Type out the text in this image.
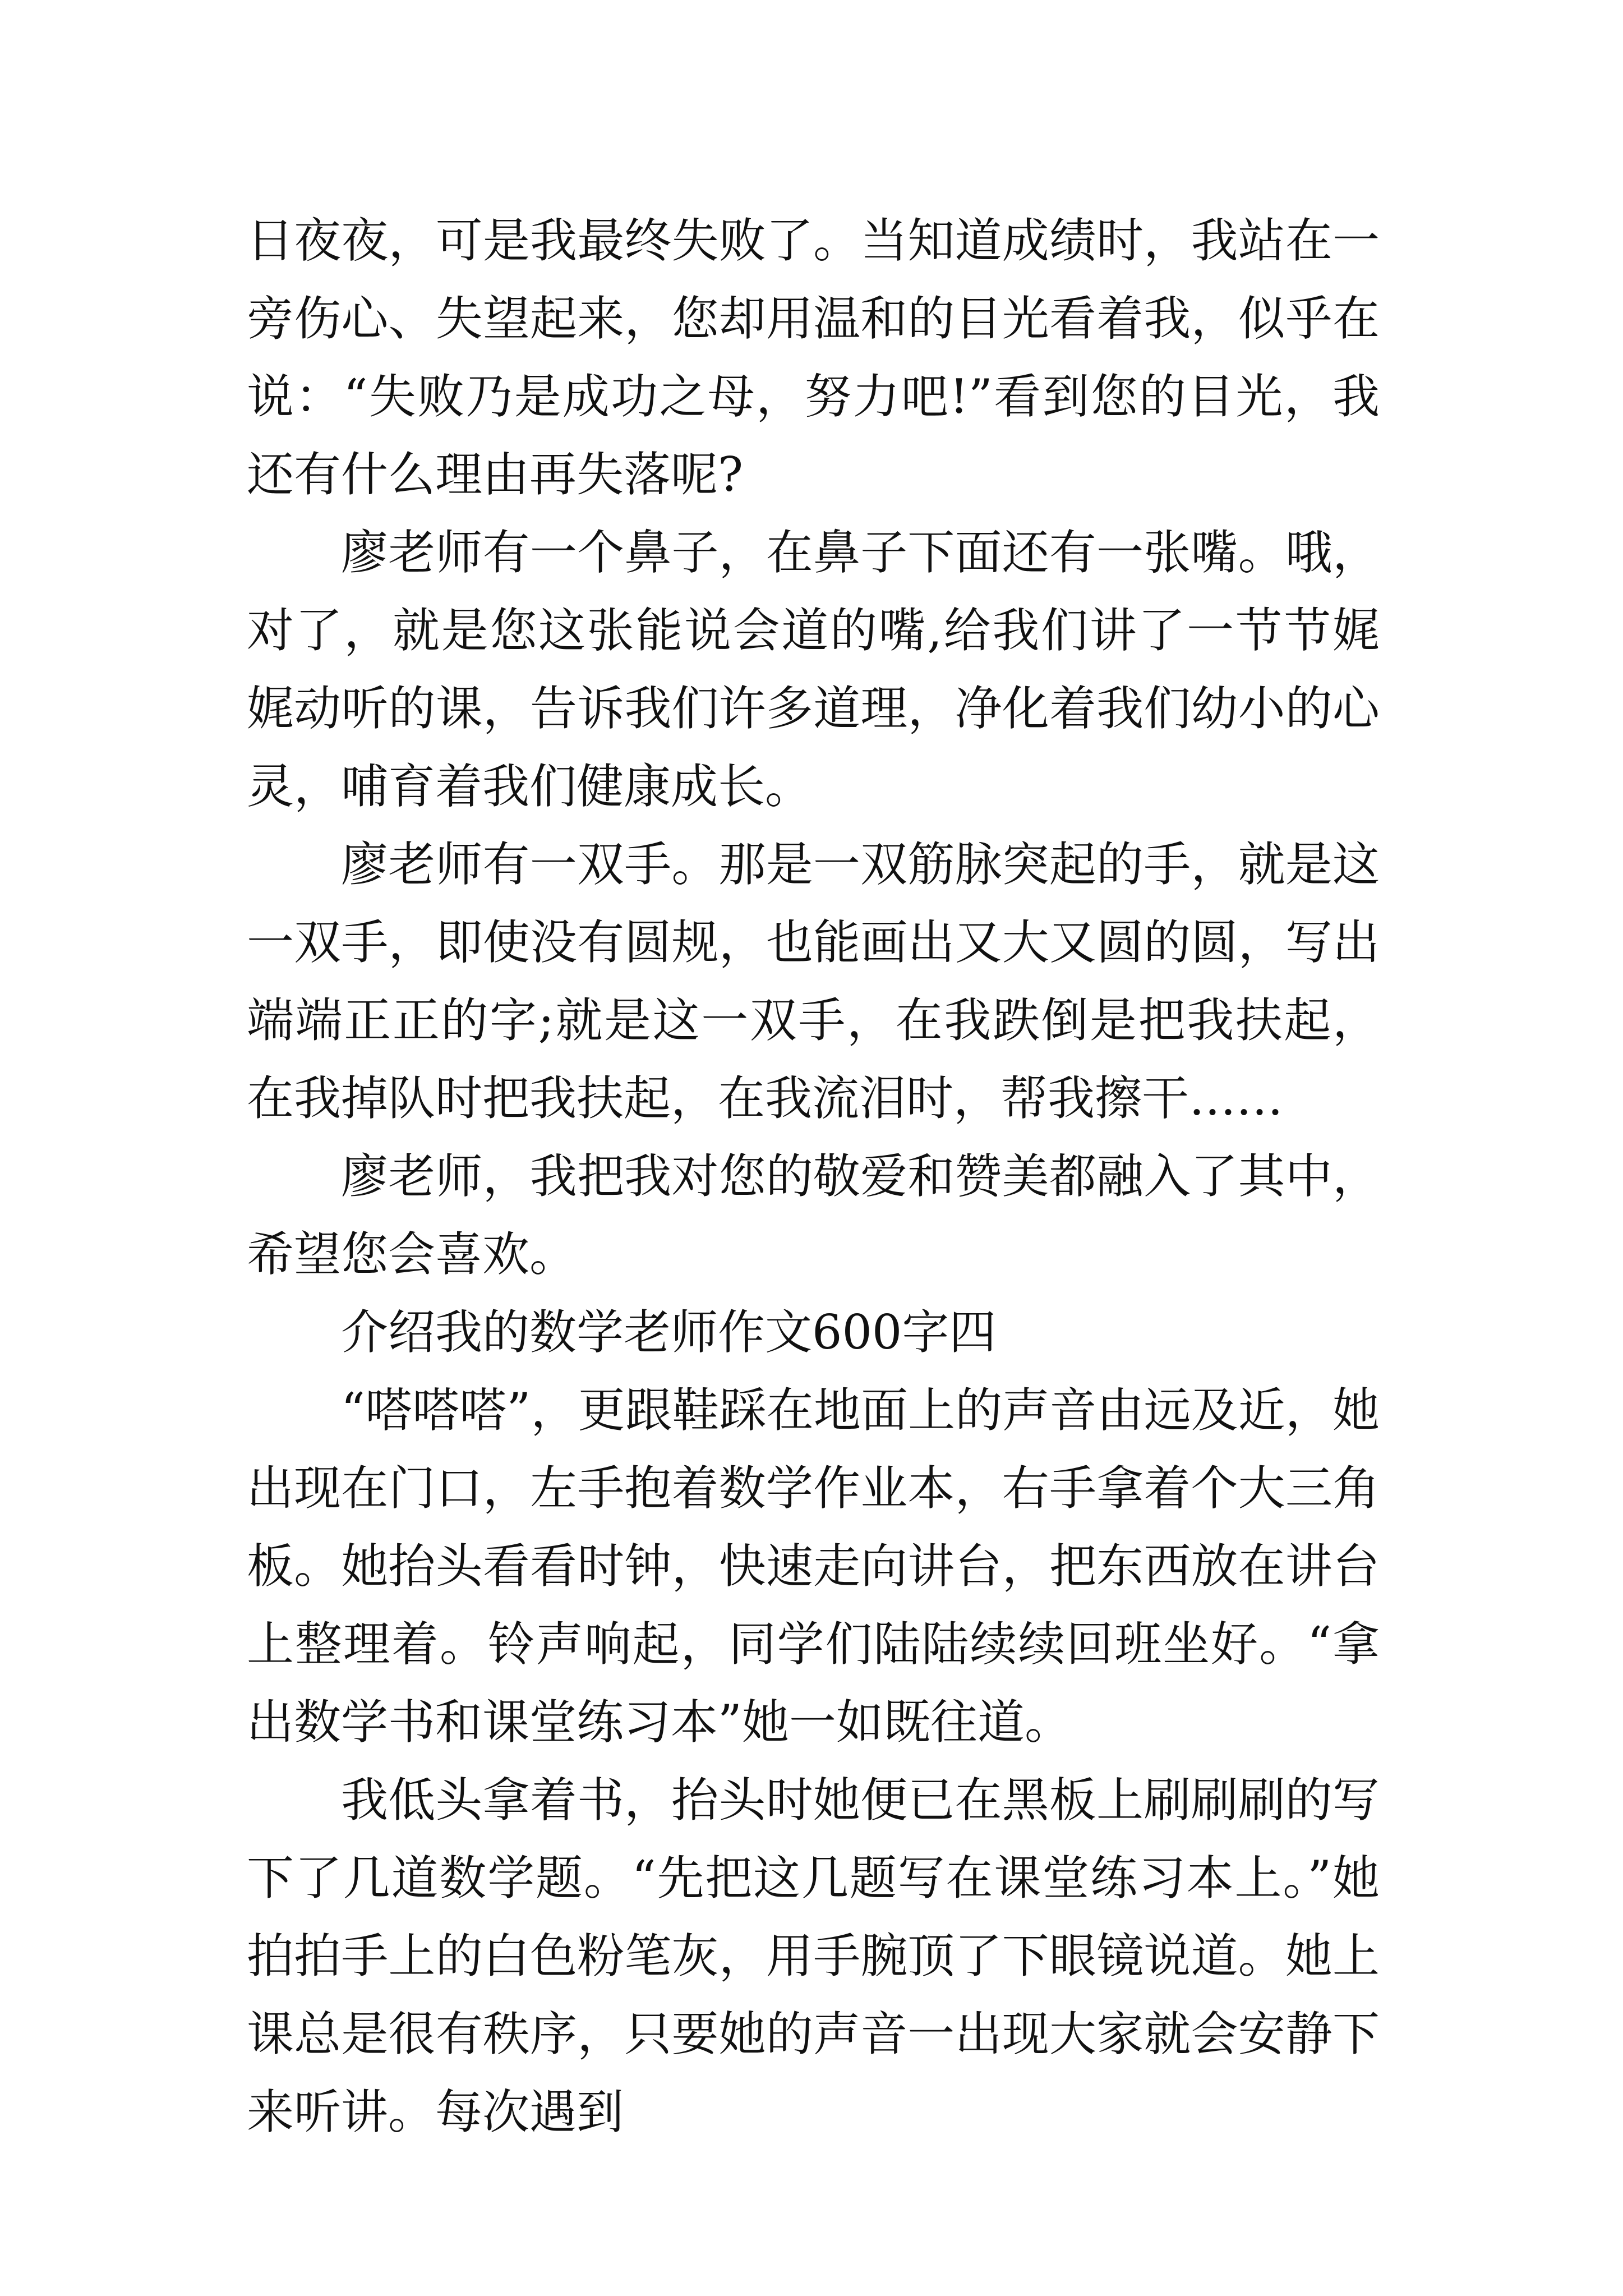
日夜夜，可是我最终失败了。当知道成绩时，我站在一旁伤心、失望起来，您却用温和的目光看着我，似乎在说：“失败乃是成功之母，努力吧!”看到您的目光，我还有什么理由再失落呢?

廖老师有一个鼻子，在鼻子下面还有一张嘴。哦，对了，就是您这张能说会道的嘴,给我们讲了一节节娓娓动听的课，告诉我们许多道理，净化着我们幼小的心灵，哺育着我们健康成长。

廖老师有一双手。那是一双筋脉突起的手，就是这一双手，即使没有圆规，也能画出又大又圆的圆，写出端端正正的字;就是这一双手，在我跌倒是把我扶起，在我掉队时把我扶起，在我流泪时，帮我擦干……

廖老师，我把我对您的敬爱和赞美都融入了其中，希望您会喜欢。

介绍我的数学老师作文600字四

“嗒嗒嗒”，更跟鞋踩在地面上的声音由远及近，她出现在门口，左手抱着数学作业本，右手拿着个大三角板。她抬头看看时钟，快速走向讲台，把东西放在讲台上整理着。铃声响起，同学们陆陆续续回班坐好。“拿出数学书和课堂练习本”她一如既往道。

我低头拿着书，抬头时她便已在黑板上刷刷刷的写下了几道数学题。“先把这几题写在课堂练习本上。”她拍拍手上的白色粉笔灰，用手腕顶了下眼镜说道。她上课总是很有秩序，只要她的声音一出现大家就会安静下来听讲。每次遇到
